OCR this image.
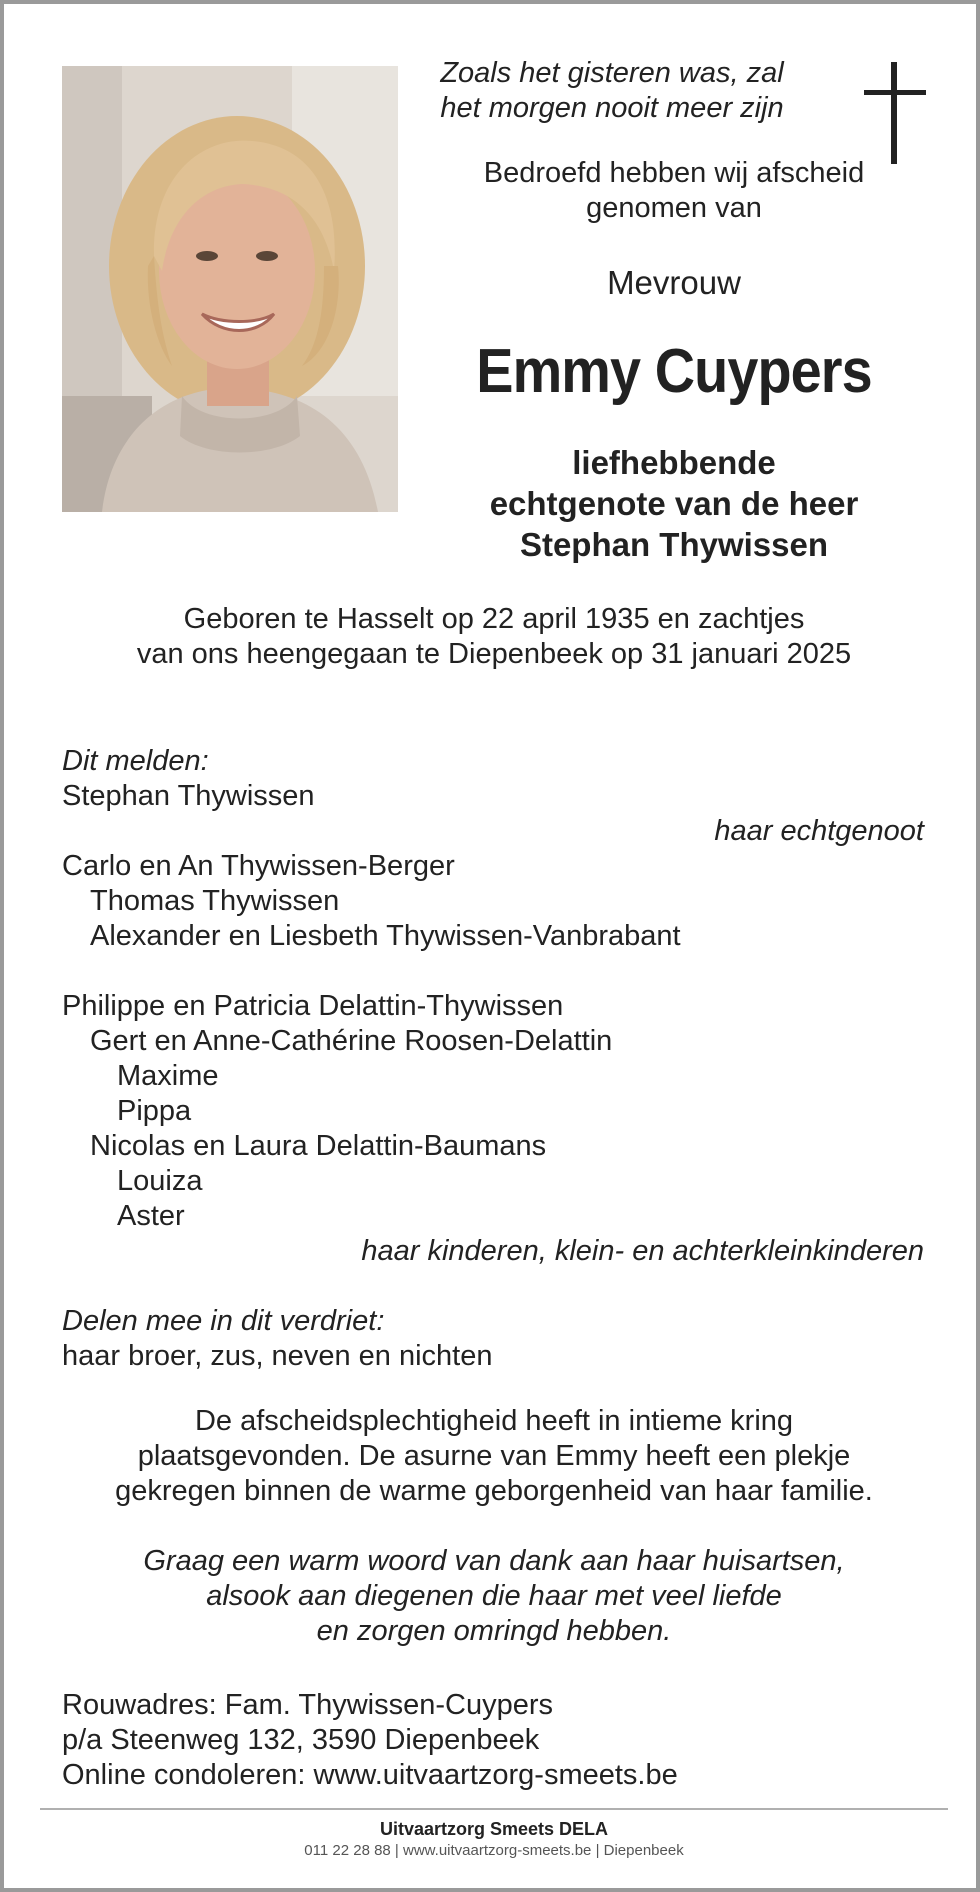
Zoals het gisteren was, zal
het morgen nooit meer zijn
Bedroefd hebben wij afscheid
genomen van
Mevrouw
Emmy Cuypers
liefhebbende
echtgenote van de heer
Stephan Thywissen
Geboren te Hasselt op 22 april 1935 en zachtjes
van ons heengegaan te Diepenbeek op 31 januari 2025
Dit melden:
Stephan Thywissen
haar echtgenoot
Carlo en An Thywissen-Berger
Thomas Thywissen
Alexander en Liesbeth Thywissen-Vanbrabant
Philippe en Patricia Delattin-Thywissen
Gert en Anne-Cathérine Roosen-Delattin
Maxime
Pippa
Nicolas en Laura Delattin-Baumans
Louiza
Aster
haar kinderen, klein- en achterkleinkinderen
Delen mee in dit verdriet:
haar broer, zus, neven en nichten
De afscheidsplechtigheid heeft in intieme kring
plaatsgevonden. De asurne van Emmy heeft een plekje
gekregen binnen de warme geborgenheid van haar familie.
Graag een warm woord van dank aan haar huisartsen,
alsook aan diegenen die haar met veel liefde
en zorgen omringd hebben.
Rouwadres: Fam. Thywissen-Cuypers
p/a Steenweg 132, 3590 Diepenbeek
Online condoleren: www.uitvaartzorg-smeets.be
Uitvaartzorg Smeets DELA
011 22 28 88 | www.uitvaartzorg-smeets.be | Diepenbeek
